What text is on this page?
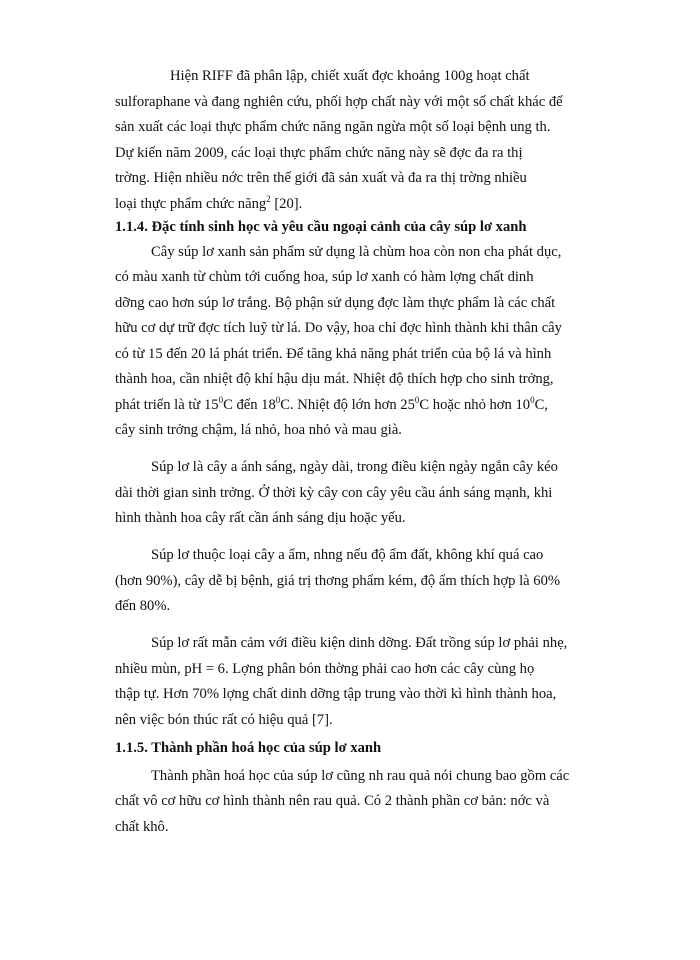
Hiện RIFF đã phân lập, chiết xuất đợc khoảng 100g hoạt chất

sulforaphane và đang nghiên cứu, phối hợp chất này với một số chất khác để

sản xuất các loại thực phẩm chức năng ngăn ngừa một số loại bệnh ung th.

Dự kiến năm 2009, các loại thực phẩm chức năng này sẽ đợc đa ra thị

trờng. Hiện nhiều nớc trên thế giới đã sản xuất và đa ra thị trờng nhiều

loại thực phẩm chức năng$^2$ [20].

1.1.4. Đặc tính sinh học và yêu cầu ngoại cảnh của cây súp lơ xanh

Cây súp lơ xanh sản phẩm sử dụng là chùm hoa còn non cha phát dục,

có màu xanh từ chùm tới cuống hoa, súp lơ xanh có hàm lợng chất dinh

dỡng cao hơn súp lơ trắng. Bộ phận sử dụng đợc làm thực phẩm là các chất

hữu cơ dự trữ đợc tích luỹ từ lá. Do vậy, hoa chỉ đợc hình thành khi thân cây

có từ 15 đến 20 lá phát triển. Để tăng khả năng phát triển của bộ lá và hình

thành hoa, cần nhiệt độ khí hậu dịu mát. Nhiệt độ thích hợp cho sinh trởng,

phát triển là từ $15^0C$ đến $18^0C$. Nhiệt độ lớn hơn $25^0C$ hoặc nhỏ hơn $10^0C$,

cây sinh trởng chậm, lá nhỏ, hoa nhỏ và mau già.

Súp lơ là cây a ánh sáng, ngày dài, trong điều kiện ngày ngắn cây kéo

dài thời gian sinh trởng. Ở thời kỳ cây con cây yêu cầu ánh sáng mạnh, khi

hình thành hoa cây rất cần ánh sáng dịu hoặc yếu.

Súp lơ thuộc loại cây a ẩm, nhng nếu độ ẩm đất, không khí quá cao

(hơn 90%), cây dễ bị bệnh, giá trị thơng phẩm kém, độ ẩm thích hợp là 60%

đến 80%.

Súp lơ rất mẫn cảm với điều kiện dinh dỡng. Đất trồng súp lơ phải nhẹ,

nhiều mùn, pH = 6. Lợng phân bón thờng phải cao hơn các cây cùng họ

thập tự. Hơn 70% lợng chất dinh dỡng tập trung vào thời kì hình thành hoa,

nên việc bón thúc rất có hiệu quả [7].

1.1.5. Thành phần hoá học của súp lơ xanh

Thành phần hoá học của súp lơ cũng nh rau quả nói chung bao gồm các

chất vô cơ hữu cơ hình thành nên rau quả. Có 2 thành phần cơ bản: nớc và

chất khô.
